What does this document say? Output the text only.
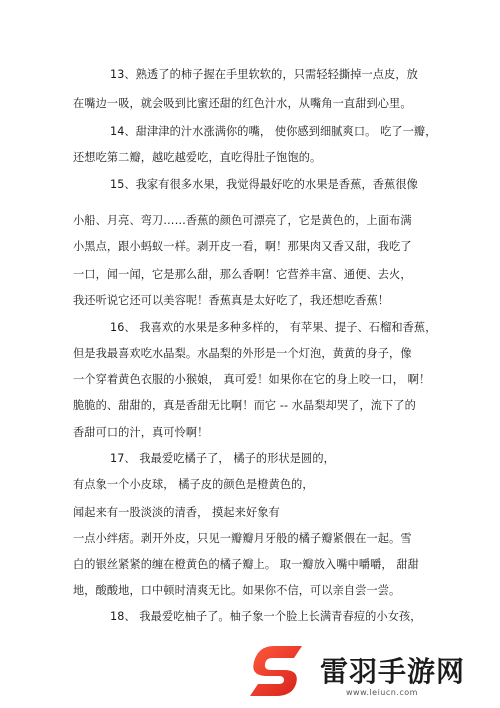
13、熟透了的柿子握在手里软软的，只需轻轻撕掉一点皮，放
在嘴边一吸，就会吸到比蜜还甜的红色汁水，从嘴角一直甜到心里。
14、甜津津的汁水涨满你的嘴， 使你感到细腻爽口。 吃了一瓣，
还想吃第二瓣，越吃越爱吃，直吃得肚子饱饱的。
15、我家有很多水果，我觉得最好吃的水果是香蕉，香蕉很像
小船、月亮、弯刀……香蕉的颜色可漂亮了，它是黄色的，上面布满
小黑点，跟小蚂蚁一样。剥开皮一看，啊！那果肉又香又甜，我吃了
一口，闻一闻，它是那么甜，那么香啊！它营养丰富、通便、去火，
我还听说它还可以美容呢！香蕉真是太好吃了，我还想吃香蕉！
16、 我喜欢的水果是多种多样的， 有苹果、提子、石榴和香蕉，
但是我最喜欢吃水晶梨。水晶梨的外形是一个灯泡，黄黄的身子，像
一个穿着黄色衣服的小猴娘， 真可爱！如果你在它的身上咬一口， 啊！
脆脆的、甜甜的，真是香甜无比啊！而它 -- 水晶梨却哭了，流下了的
香甜可口的汁，真可怜啊！
17、 我最爱吃橘子了， 橘子的形状是圆的，
有点象一个小皮球， 橘子皮的颜色是橙黄色的，
闻起来有一股淡淡的清香， 摸起来好象有
一点小绊痞。剥开外皮，只见一瓣瓣月牙般的橘子瓣紧偎在一起。雪
白的银丝紧紧的缠在橙黄色的橘子瓣上。 取一瓣放入嘴中嚼嚼， 甜甜
地，酸酸地，口中顿时清爽无比。如果你不信，可以亲自尝一尝。
18、 我最爱吃柚子了。柚子象一个脸上长满青春痘的小女孩，
雷羽手游网
www.leiucn.com
